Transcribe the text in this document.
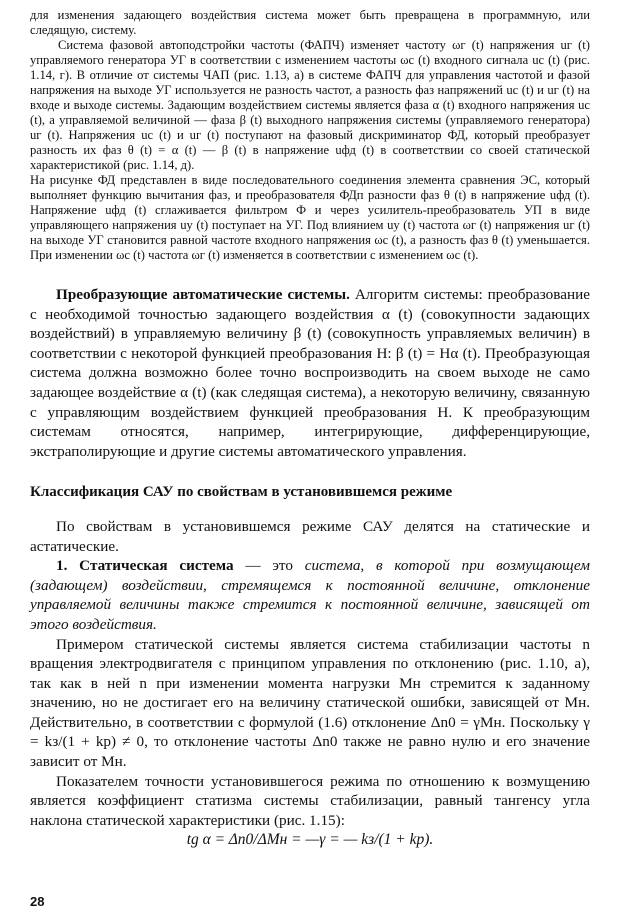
для изменения задающего воздействия система может быть превращена в программную, или следящую, систему.

Система фазовой автоподстройки частоты (ФАПЧ) изменяет частоту ωг (t) напряжения uг (t) управляемого генератора УГ в соответствии с изменением частоты ωc (t) входного сигнала uc (t) (рис. 1.14, г). В отличие от системы ЧАП (рис. 1.13, а) в системе ФАПЧ для управления частотой и фазой напряжения на выходе УГ используется не разность частот, а разность фаз напряжений uc (t) и uг (t) на входе и выходе системы. Задающим воздействием системы является фаза α (t) входного напряжения uc (t), а управляемой величиной — фаза β (t) выходного напряжения системы (управляемого генератора) uг (t). Напряжения uc (t) и uг (t) поступают на фазовый дискриминатор ФД, который преобразует разность их фаз θ (t) = α (t) — β (t) в напряжение uфд (t) в соответствии со своей статической характеристикой (рис. 1.14, д).

На рисунке ФД представлен в виде последовательного соединения элемента сравнения ЭС, который выполняет функцию вычитания фаз, и преобразователя ФДп разности фаз θ (t) в напряжение uфд (t). Напряжение uфд (t) сглаживается фильтром Ф и через усилитель-преобразователь УП в виде управляющего напряжения uу (t) поступает на УГ. Под влиянием uу (t) частота ωг (t) напряжения uг (t) на выходе УГ становится равной частоте входного напряжения ωc (t), а разность фаз θ (t) уменьшается. При изменении ωc (t) частота ωг (t) изменяется в соответствии с изменением ωc (t).

Преобразующие автоматические системы. Алгоритм системы: преобразование с необходимой точностью задающего воздействия α (t) (совокупности задающих воздействий) в управляемую величину β (t) (совокупность управляемых величин) в соответствии с некоторой функцией преобразования H: β (t) = Hα (t). Преобразующая система должна возможно более точно воспроизводить на своем выходе не само задающее воздействие α (t) (как следящая система), а некоторую величину, связанную с управляющим воздействием функцией преобразования H. К преобразующим системам относятся, например, интегрирующие, дифференцирующие, экстраполирующие и другие системы автоматического управления.

Классификация САУ по свойствам в установившемся режиме

По свойствам в установившемся режиме САУ делятся на статические и астатические.

1. Статическая система — это система, в которой при возмущающем (задающем) воздействии, стремящемся к постоянной величине, отклонение управляемой величины также стремится к постоянной величине, зависящей от этого воздействия.

Примером статической системы является система стабилизации частоты n вращения электродвигателя с принципом управления по отклонению (рис. 1.10, а), так как в ней n при изменении момента нагрузки Mн стремится к заданному значению, но не достигает его на величину статической ошибки, зависящей от Mн. Действительно, в соответствии с формулой (1.6) отклонение Δn0 = γMн. Поскольку γ = kз/(1 + kр) ≠ 0, то отклонение частоты Δn0 также не равно нулю и его значение зависит от Mн.

Показателем точности установившегося режима по отношению к возмущению является коэффициент статизма системы стабилизации, равный тангенсу угла наклона статической характеристики (рис. 1.15):

tg α = Δn0/ΔMн = —γ = — kз/(1 + kр).

28
